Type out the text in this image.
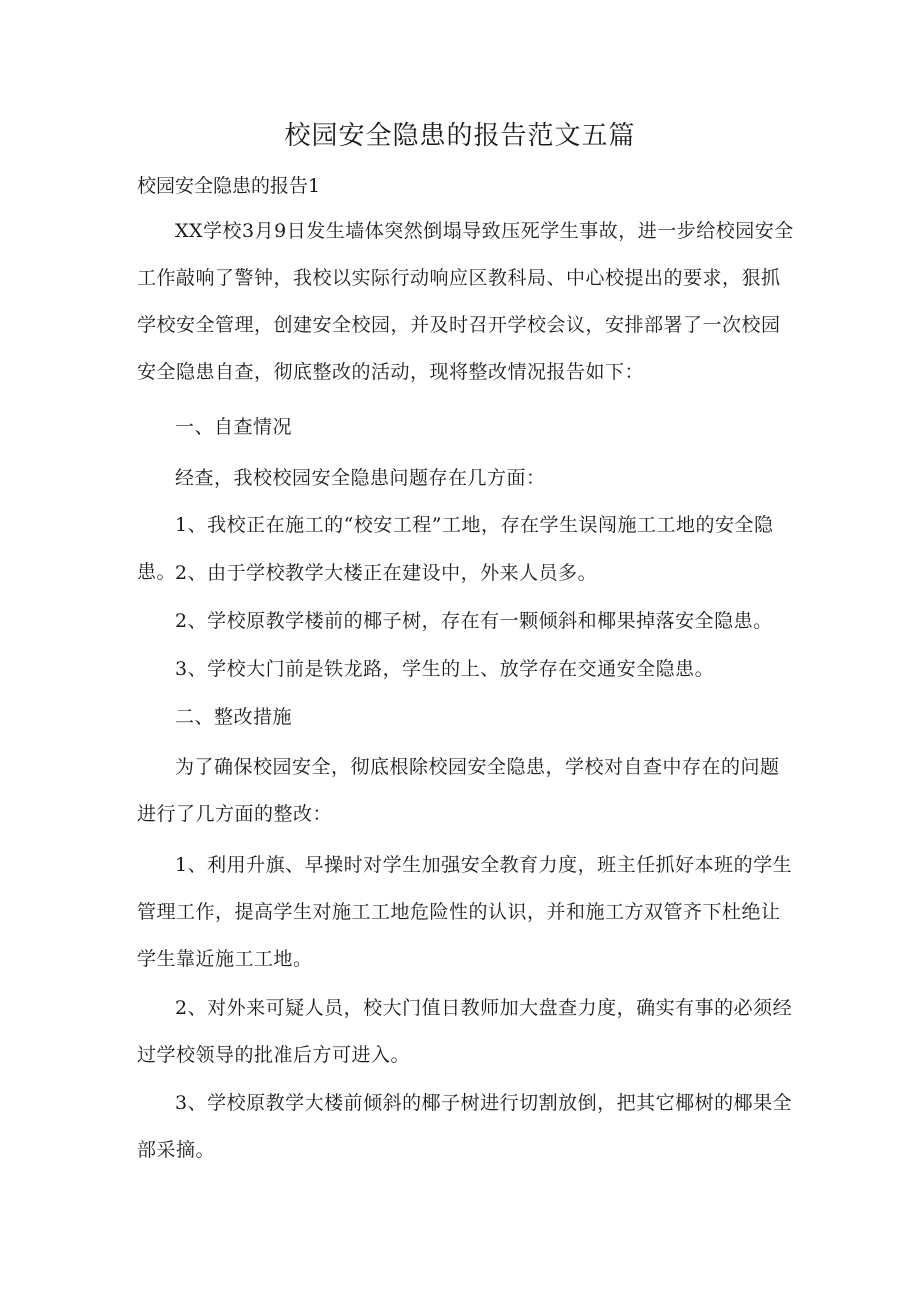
校园安全隐患的报告范文五篇
校园安全隐患的报告1

XX学校3月9日发生墙体突然倒塌导致压死学生事故，进一步给校园安全工作敲响了警钟，我校以实际行动响应区教科局、中心校提出的要求，狠抓学校安全管理，创建安全校园，并及时召开学校会议，安排部署了一次校园安全隐患自查，彻底整改的活动，现将整改情况报告如下：

一、自查情况

经查，我校校园安全隐患问题存在几方面：

1、我校正在施工的“校安工程”工地，存在学生误闯施工工地的安全隐患。

2、由于学校教学大楼正在建设中，外来人员多。

2、学校原教学楼前的椰子树，存在有一颗倾斜和椰果掉落安全隐患。

3、学校大门前是铁龙路，学生的上、放学存在交通安全隐患。

二、整改措施

为了确保校园安全，彻底根除校园安全隐患，学校对自查中存在的问题进行了几方面的整改：

1、利用升旗、早操时对学生加强安全教育力度，班主任抓好本班的学生管理工作，提高学生对施工工地危险性的认识，并和施工方双管齐下杜绝让学生靠近施工工地。

2、对外来可疑人员，校大门值日教师加大盘查力度，确实有事的必须经过学校领导的批准后方可进入。

3、学校原教学大楼前倾斜的椰子树进行切割放倒，把其它椰树的椰果全部采摘。
